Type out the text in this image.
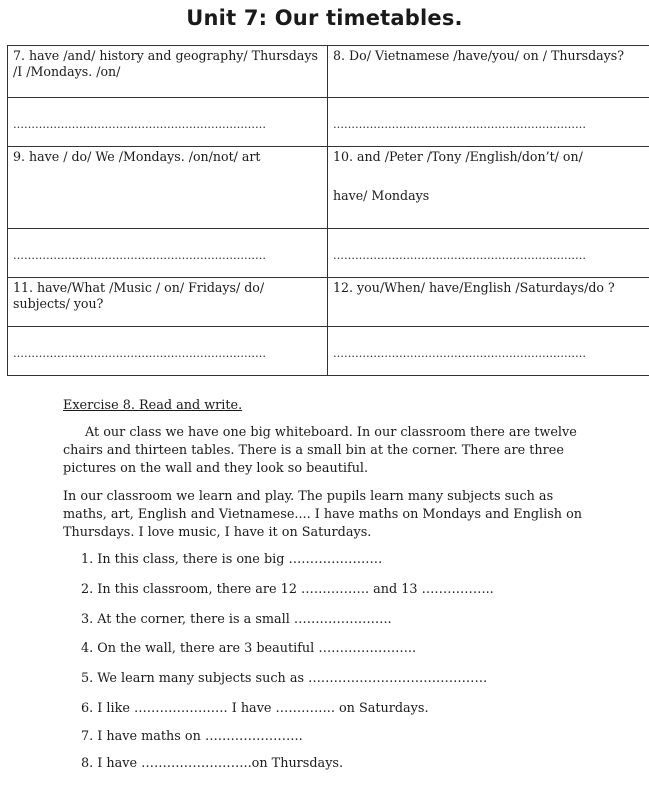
Unit 7: Our timetables.
7. have /and/ history and geography/ Thursdays /I /Mondays. /on/	8. Do/ Vietnamese /have/you/ on / Thursdays?

……………………………………………………………	……………………………………………………………

9. have / do/ We /Mondays. /on/not/ art	10. and /Peter /Tony /English/don’t/ on/
have/ Mondays

……………………………………………………………	……………………………………………………………

11. have/What /Music / on/ Fridays/ do/ subjects/ you?	12. you/When/ have/English /Saturdays/do ?

……………………………………………………………	……………………………………………………………
Exercise 8. Read and write.

At our class we have one big whiteboard. In our classroom there are twelve chairs and thirteen tables. There is a small bin at the corner. There are three pictures on the wall and they look so beautiful.

In our classroom we learn and play. The pupils learn many subjects such as maths, art, English and Vietnamese.... I have maths on Mondays and English on Thursdays. I love music, I have it on Saturdays.

1. In this class, there is one big ………………….
2. In this classroom, there are 12 ……………. and 13 ……………..
3. At the corner, there is a small …………………..
4. On the wall, there are 3 beautiful …………………..
5. We learn many subjects such as ……………………………………
6. I like …………………. I have ………….. on Saturdays.
7. I have maths on …………………..
8. I have ……………………..on Thursdays.
